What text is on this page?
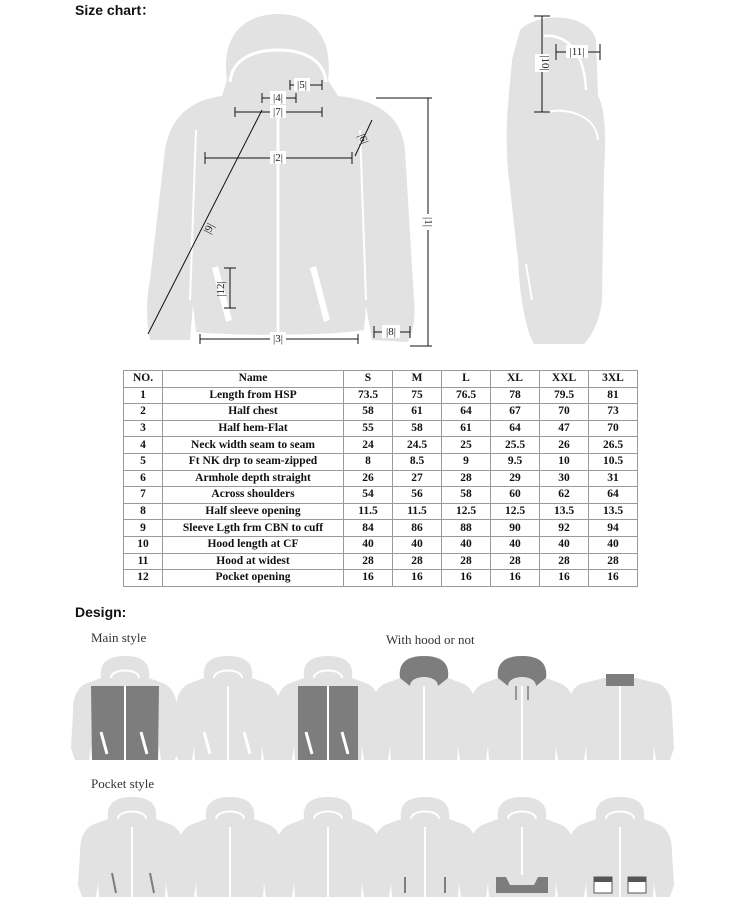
Size chart：
|5|
|4|
|7|
|2|
|6|
|9|	|1|
|12|
|3|
|8|
|10|
|11|
NO.	Name	S	M	L	XL	XXL	3XL
1	Length from HSP	73.5	75	76.5	78	79.5	81
2	Half chest	58	61	64	67	70	73
3	Half hem-Flat	55	58	61	64	47	70
4	Neck width seam to seam	24	24.5	25	25.5	26	26.5
5	Ft NK drp to seam-zipped	8	8.5	9	9.5	10	10.5
6	Armhole depth straight	26	27	28	29	30	31
7	Across shoulders	54	56	58	60	62	64
8	Half sleeve opening	11.5	11.5	12.5	12.5	13.5	13.5
9	Sleeve Lgth frm CBN to cuff	84	86	88	90	92	94
10	Hood length at CF	40	40	40	40	40	40
11	Hood at widest	28	28	28	28	28	28
12	Pocket opening	16	16	16	16	16	16
Design:
Main style	With hood or not
Pocket style
